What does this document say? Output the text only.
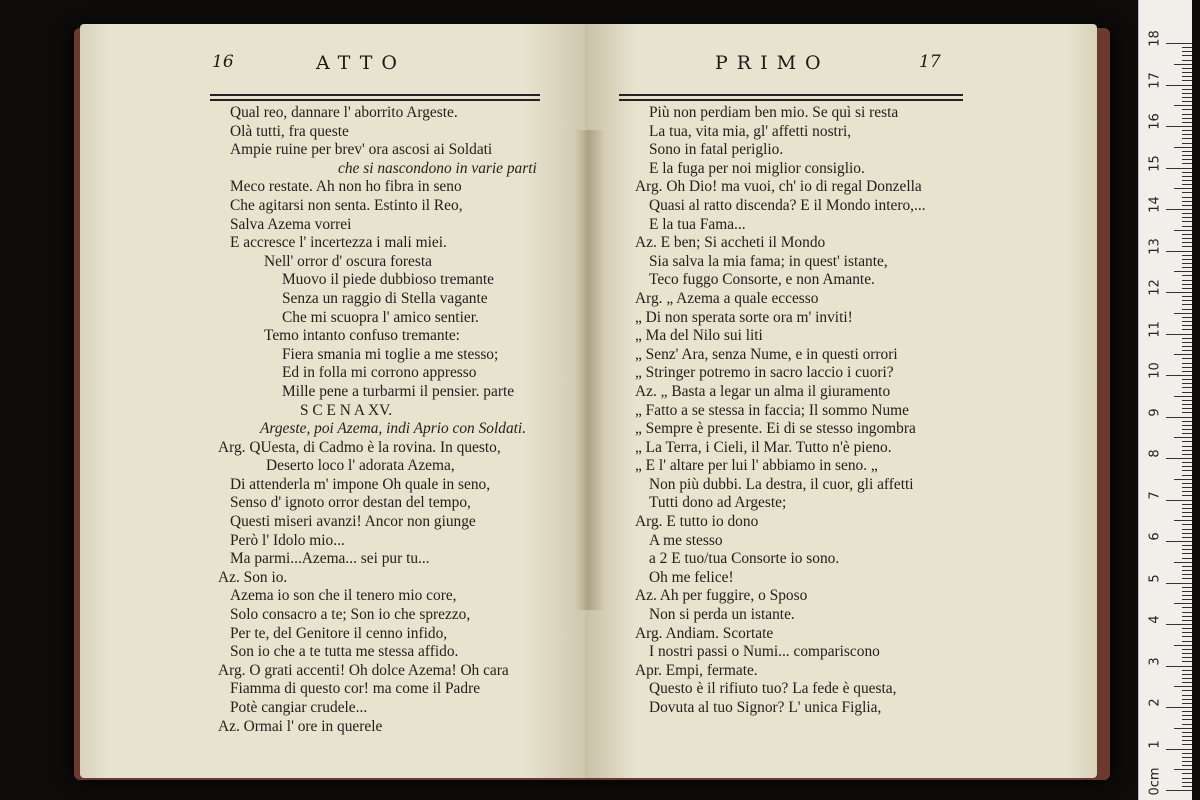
16	ATTO
Qual reo, dannare l' aborrito Argeste.
Olà tutti, fra queste
Ampie ruine per brev' ora ascosi ai Soldati
che si nascondono in varie parti
Meco restate. Ah non ho fibra in seno
Che agitarsi non senta. Estinto il Reo,
Salva Azema vorrei
E accresce l' incertezza i mali miei.
Nell' orror d' oscura foresta
Muovo il piede dubbioso tremante
Senza un raggio di Stella vagante
Che mi scuopra l' amico sentier.
Temo intanto confuso tremante:
Fiera smania mi toglie a me stesso;
Ed in folla mi corrono appresso
Mille pene a turbarmi il pensier. parte
S C E N A XV.
Argeste, poi Azema, indi Aprio con Soldati.
Arg. QUesta, di Cadmo è la rovina. In questo,
Deserto loco l' adorata Azema,
Di attenderla m' impone Oh quale in seno,
Senso d' ignoto orror destan del tempo,
Questi miseri avanzi! Ancor non giunge
Però l' Idolo mio...
Ma parmi...Azema... sei pur tu...
Az. Son io.
Azema io son che il tenero mio core,
Solo consacro a te; Son io che sprezzo,
Per te, del Genitore il cenno infido,
Son io che a te tutta me stessa affido.
Arg. O grati accenti! Oh dolce Azema! Oh cara
Fiamma di questo cor! ma come il Padre
Potè cangiar crudele...
Az. Ormai l' ore in querele
PRIMO	17
Più non perdiam ben mio. Se quì si resta
La tua, vita mia, gl' affetti nostri,
Sono in fatal periglio.
E la fuga per noi miglior consiglio.
Arg. Oh Dio! ma vuoi, ch' io di regal Donzella
Quasi al ratto discenda? E il Mondo intero,...
E la tua Fama...
Az. E ben; Si accheti il Mondo
Sia salva la mia fama; in quest' istante,
Teco fuggo Consorte, e non Amante.
Arg. „ Azema a quale eccesso
„ Di non sperata sorte ora m' inviti!
„ Ma del Nilo sui liti
„ Senz' Ara, senza Nume, e in questi orrori
„ Stringer potremo in sacro laccio i cuori?
Az. „ Basta a legar un alma il giuramento
„ Fatto a se stessa in faccia; Il sommo Nume
„ Sempre è presente. Ei di se stesso ingombra
„ La Terra, i Cieli, il Mar. Tutto n'è pieno.
„ E l' altare per lui l' abbiamo in seno. „
Non più dubbi. La destra, il cuor, gli affetti
Tutti dono ad Argeste;
Arg. E tutto io dono
A me stesso
a 2 E tuo/tua Consorte io sono.
Oh me felice!
Az. Ah per fuggire, o Sposo
Non si perda un istante.
Arg. Andiam. Scortate
I nostri passi o Numi... compariscono
Apr. Empi, fermate.
Questo è il rifiuto tuo? La fede è questa,
Dovuta al tuo Signor? L' unica Figlia,
0cm
1
2
3
4
5
6
7
8
9
10
11
12
13
14
15
16
17
18
